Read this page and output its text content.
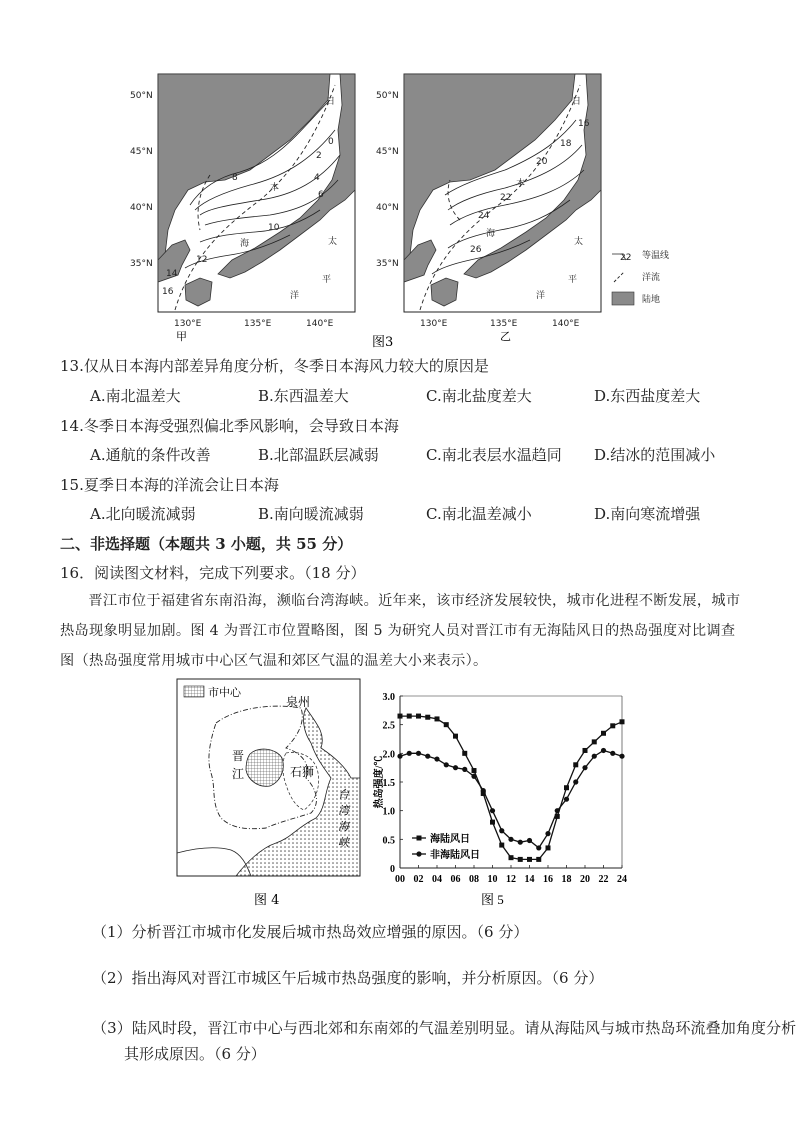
日
0
2
4
6
8
10
12
14
16
本
海	太
平
洋
50°N
45°N
40°N
35°N
130°E	135°E	140°E
甲
日
16
18
20
22
24
26
本
海
太
平
洋
50°N
45°N
40°N
35°N
130°E	135°E	140°E
乙
图3
22 等温线
洋流
陆地
13.仅从日本海内部差异角度分析，冬季日本海风力较大的原因是
A.南北温差大	B.东西温差大	C.南北盐度差大	D.东西盐度差大
14.冬季日本海受强烈偏北季风影响，会导致日本海
A.通航的条件改善	B.北部温跃层减弱	C.南北表层水温趋同 D.结冰的范围减小
15.夏季日本海的洋流会让日本海
A.北向暖流减弱	B.南向暖流减弱	C.南北温差减小	D.南向寒流增强
二、非选择题（本题共 3 小题，共 55 分）
16．阅读图文材料，完成下列要求。（18 分）
晋江市位于福建省东南沿海，濒临台湾海峡。近年来，该市经济发展较快，城市化进程不断发展，城市热岛现象明显加剧。图 4 为晋江市位置略图，图 5 为研究人员对晋江市有无海陆风日的热岛强度对比调查图（热岛强度常用城市中心区气温和郊区气温的温差大小来表示）。
市中心
泉州
晋
江	石狮
台
湾
海
峡
图 4
00 02 04 06 08 10 12 14 16 18 20 22 24
0
0.5
1.0
1.5
2.0
2.5
3.0
热岛强度/℃
海陆风日
非海陆风日
图 5
（1）分析晋江市城市化发展后城市热岛效应增强的原因。（6 分）
（2）指出海风对晋江市城区午后城市热岛强度的影响，并分析原因。（6 分）
（3）陆风时段，晋江市中心与西北郊和东南郊的气温差别明显。请从海陆风与城市热岛环流叠加角度分析
其形成原因。（6 分）
